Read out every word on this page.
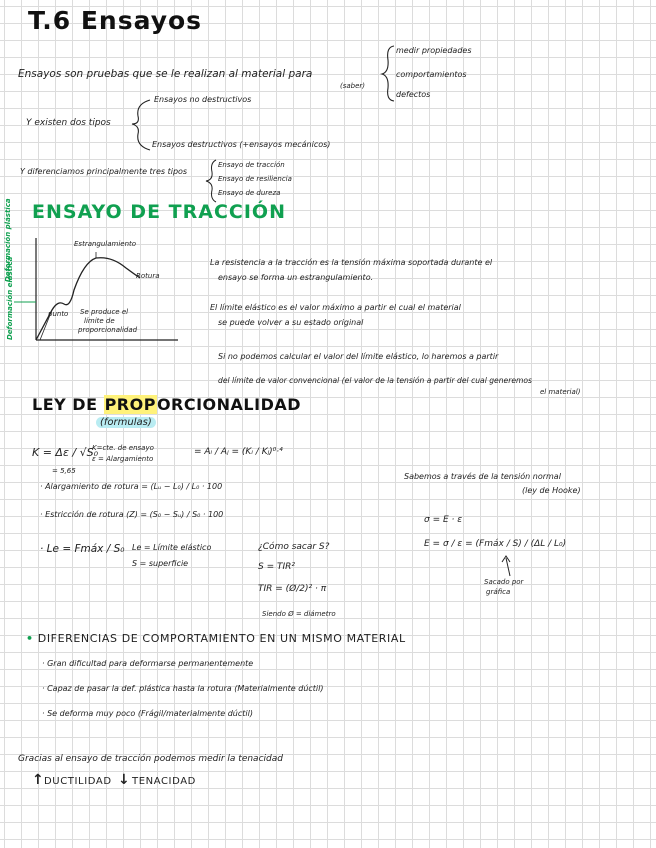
T.6 Ensayos
Ensayos son pruebas que se le realizan al material para
(saber)
medir propiedades
comportamientos
defectos
Y existen dos tipos
Ensayos no destructivos
Ensayos destructivos (+ensayos mecánicos)
Y diferenciamos principalmente tres tipos
Ensayo de tracción
Ensayo de resiliencia
Ensayo de dureza
ENSAYO DE TRACCIÓN
Deformación plástica
Deformación elástica
Estrangulamiento
Rotura
punto Se produce el
límite de
proporcionalidad
La resistencia a la tracción es la tensión máxima soportada durante el
ensayo se forma un estrangulamiento.
El límite elástico es el valor máximo a partir el cual el material
se puede volver a su estado original
Si no podemos calcular el valor del límite elástico, lo haremos a partir
del límite de valor convencional (el valor de la tensión a partir del cual generemos
el material)
LEY DE PROPORCIONALIDAD
(formulas)
K = Δε / √S₀
= 5,65
K=cte. de ensayo
ε = Alargamiento
= Aᵢ / Aⱼ = (Kᵢ / Kⱼ)⁰·⁴
· Alargamiento de rotura = (Lᵤ − L₀) / L₀ · 100
· Estricción de rotura (Z) = (S₀ − Sᵤ) / S₀ · 100
· Le = Fmáx / S₀ Le = Límite elástico
S = superficie
¿Cómo sacar S?
S = TIR²
TIR = (Ø/2)² · π
Siendo Ø = diámetro
Sabemos a través de la tensión normal
(ley de Hooke)
σ = E · ε
E = σ / ε = (Fmáx / S) / (ΔL / L₀)
Sacado por
gráfica
• DIFERENCIAS DE COMPORTAMIENTO EN UN MISMO MATERIAL
· Gran dificultad para deformarse permanentemente
· Capaz de pasar la def. plástica hasta la rotura (Materialmente dúctil)
· Se deforma muy poco (Frágil/materialmente dúctil)
Gracias al ensayo de tracción podemos medir la tenacidad
↑ DUCTILIDAD ↓ TENACIDAD
